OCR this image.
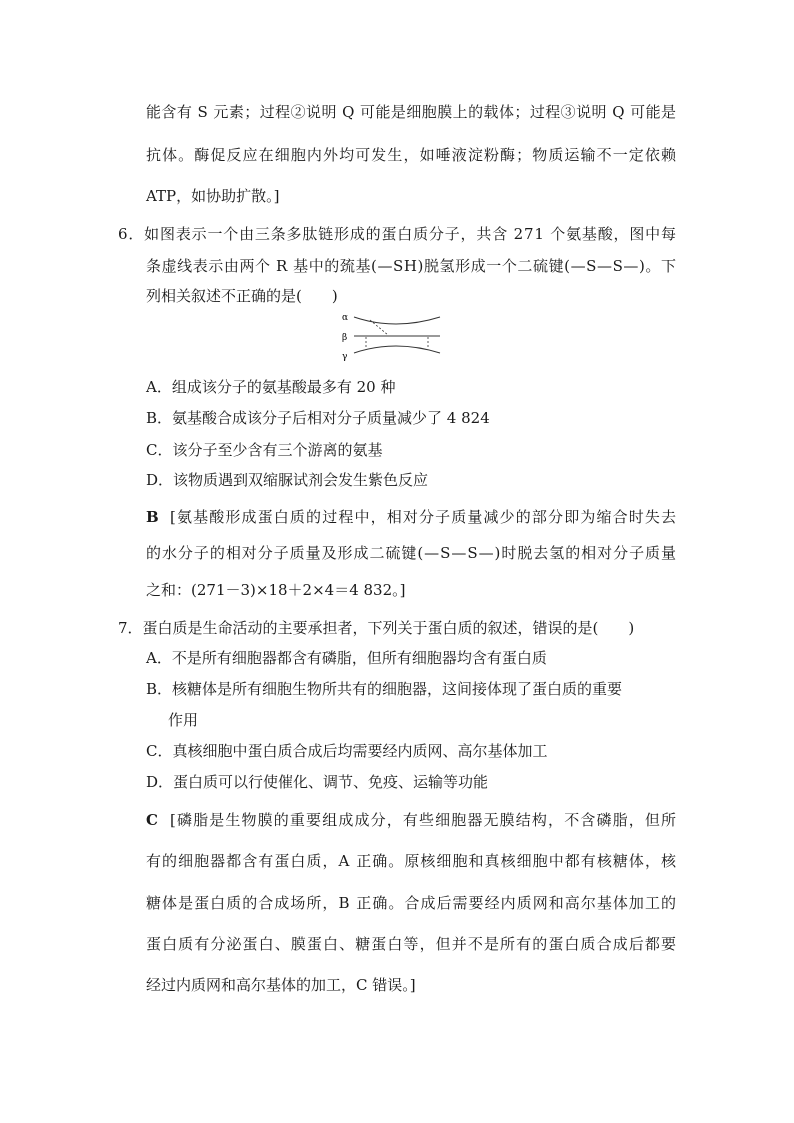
能含有 S 元素；过程②说明 Q 可能是细胞膜上的载体；过程③说明 Q 可能是
抗体。酶促反应在细胞内外均可发生，如唾液淀粉酶；物质运输不一定依赖
ATP，如协助扩散。]
6．如图表示一个由三条多肽链形成的蛋白质分子，共含 271 个氨基酸，图中每
条虚线表示由两个 R 基中的巯基(—SH)脱氢形成一个二硫键(—S—S—)。下
列相关叙述不正确的是(　　)
α
β
γ
A．组成该分子的氨基酸最多有 20 种
B．氨基酸合成该分子后相对分子质量减少了 4 824
C．该分子至少含有三个游离的氨基
D．该物质遇到双缩脲试剂会发生紫色反应
B [氨基酸形成蛋白质的过程中，相对分子质量减少的部分即为缩合时失去
的水分子的相对分子质量及形成二硫键(—S—S—)时脱去氢的相对分子质量
之和：(271－3)×18＋2×4＝4 832。]
7．蛋白质是生命活动的主要承担者，下列关于蛋白质的叙述，错误的是(　　)
A．不是所有细胞器都含有磷脂，但所有细胞器均含有蛋白质
B．核糖体是所有细胞生物所共有的细胞器，这间接体现了蛋白质的重要
作用
C．真核细胞中蛋白质合成后均需要经内质网、高尔基体加工
D．蛋白质可以行使催化、调节、免疫、运输等功能
C [磷脂是生物膜的重要组成成分，有些细胞器无膜结构，不含磷脂，但所
有的细胞器都含有蛋白质，A 正确。原核细胞和真核细胞中都有核糖体，核
糖体是蛋白质的合成场所，B 正确。合成后需要经内质网和高尔基体加工的
蛋白质有分泌蛋白、膜蛋白、糖蛋白等，但并不是所有的蛋白质合成后都要
经过内质网和高尔基体的加工，C 错误。]
